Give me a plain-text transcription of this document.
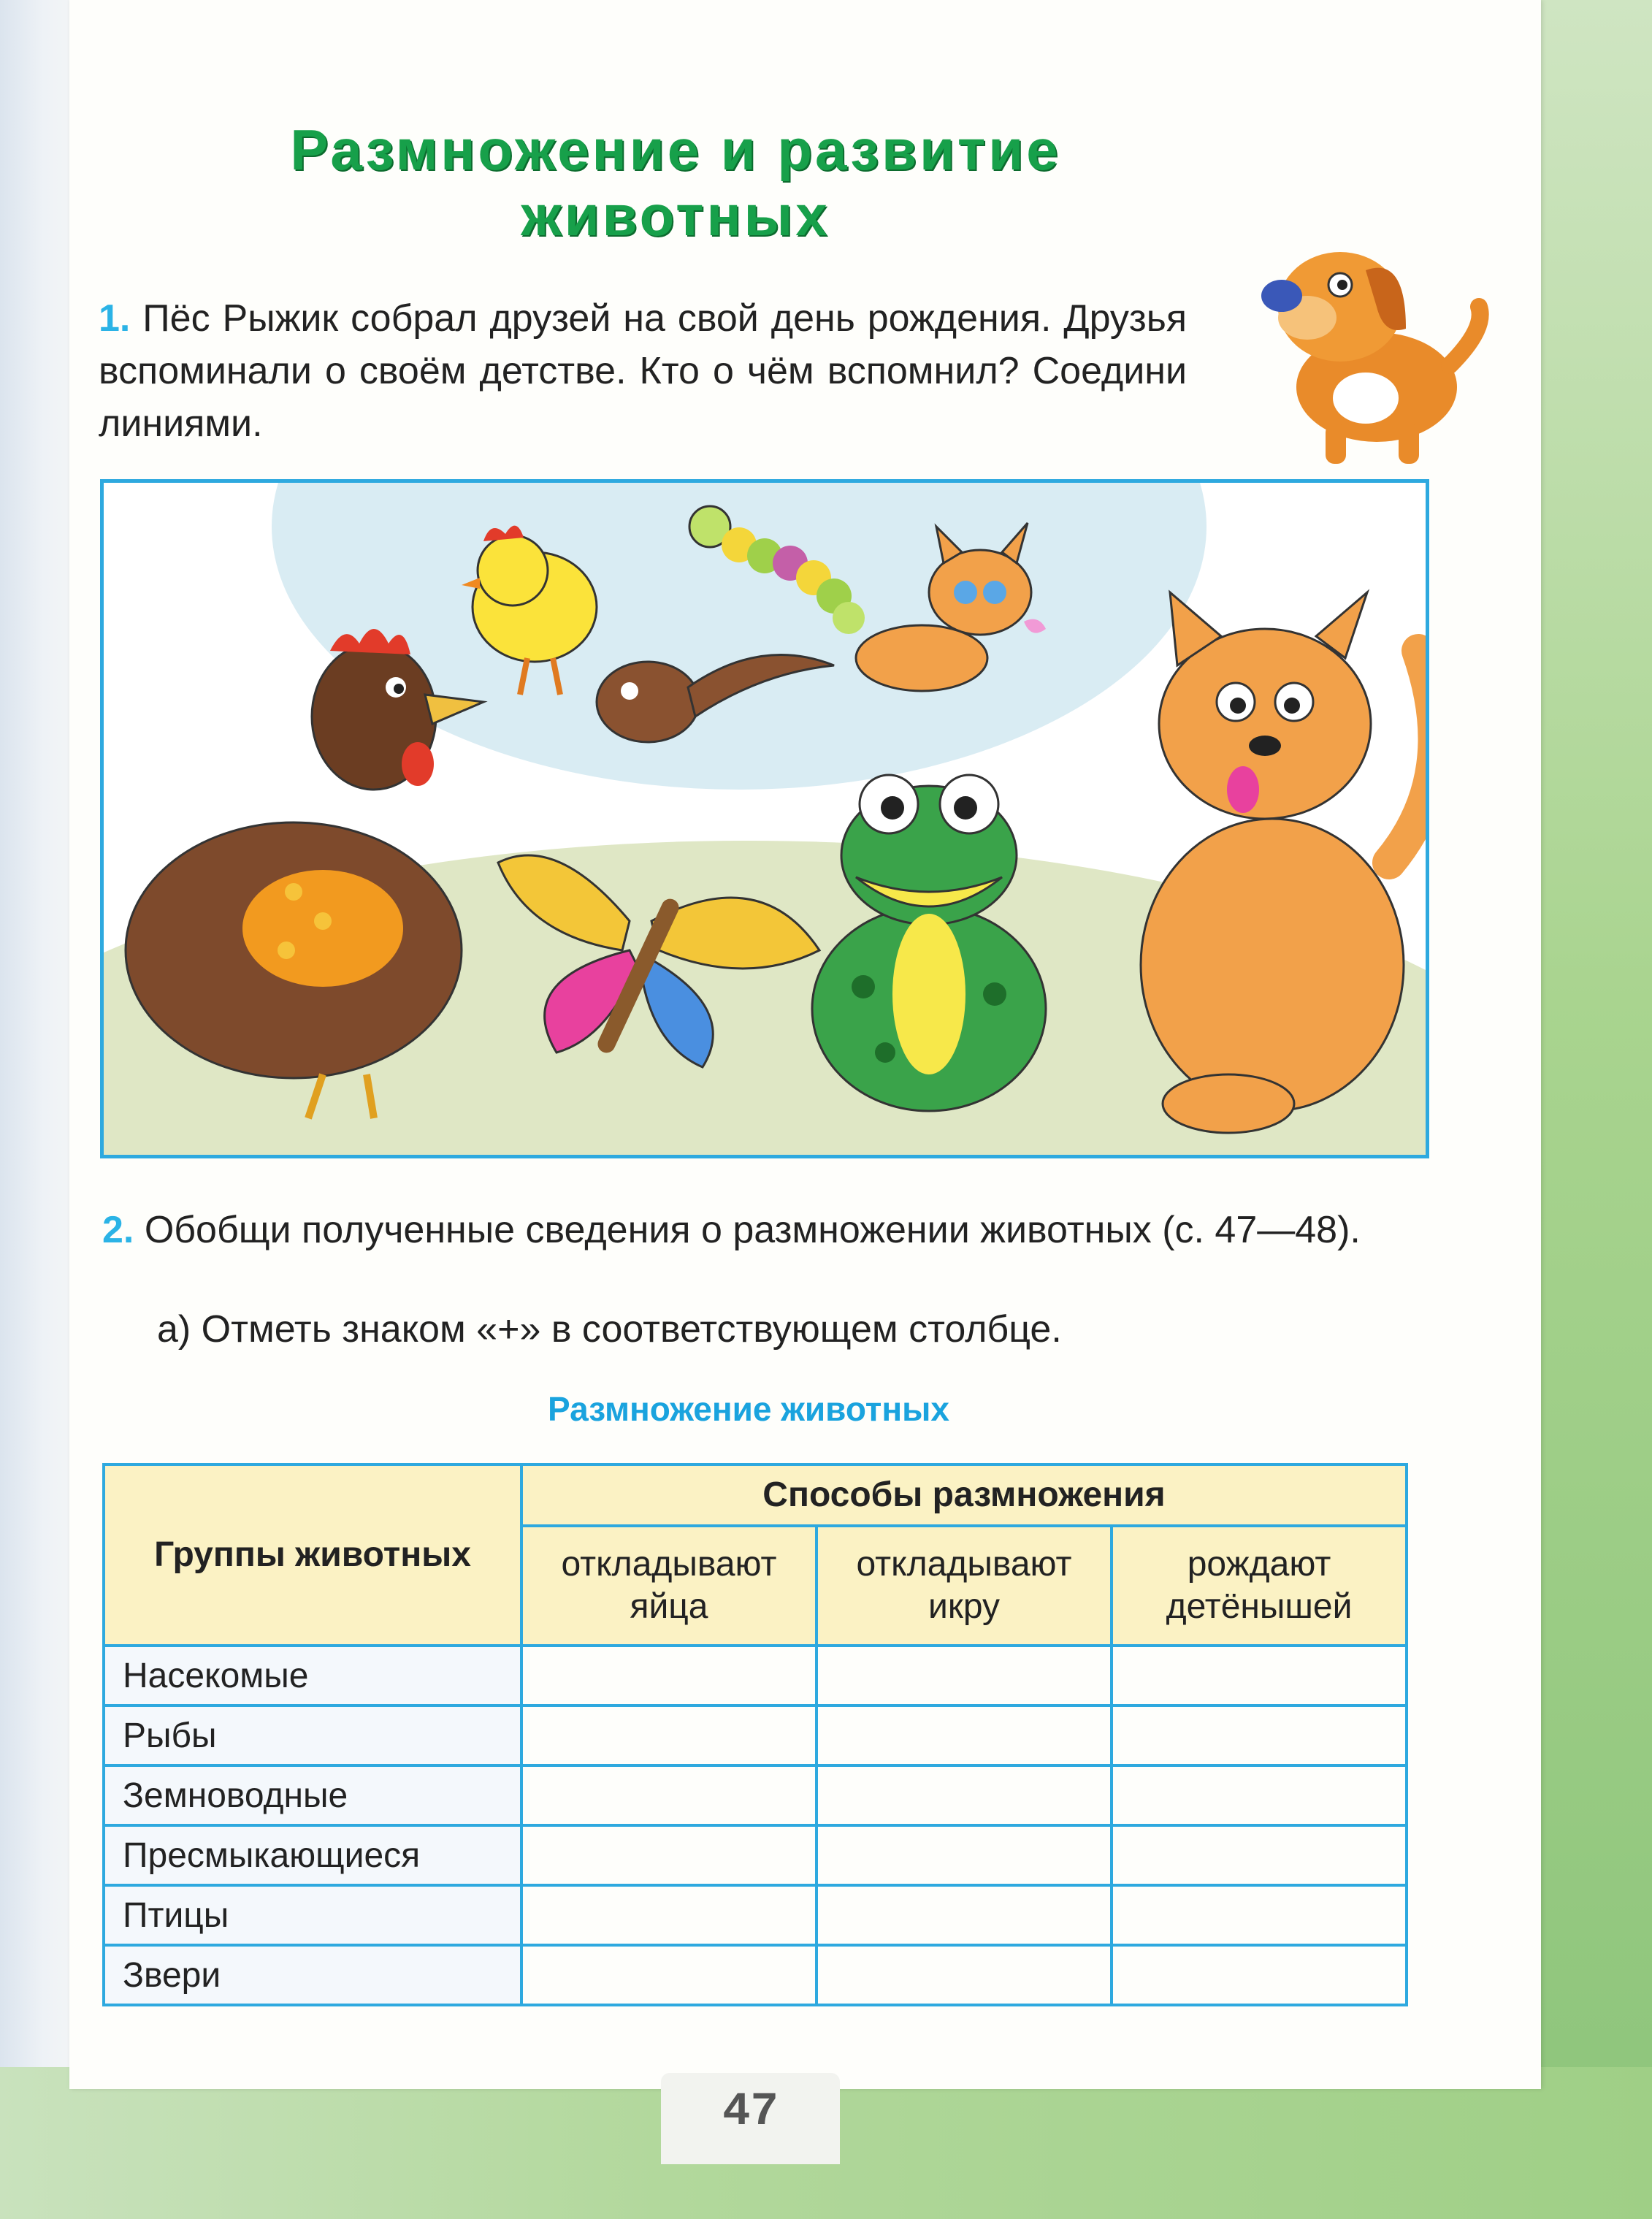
Размножение и развитие
животных
1. Пёс Рыжик собрал друзей на свой день рождения. Друзья вспоминали о своём детстве. Кто о чём вспомнил? Соедини линиями.
2. Обобщи полученные сведения о размножении животных (с. 47—48).
а) Отметь знаком «+» в соответствующем столбце.
Размножение животных
Группы животных	Способы размножения		
	откладывают яйца	откладывают икру	рождают детёнышей
Насекомые			
Рыбы			
Земноводные			
Пресмыкающиеся			
Птицы			
Звери			
47
